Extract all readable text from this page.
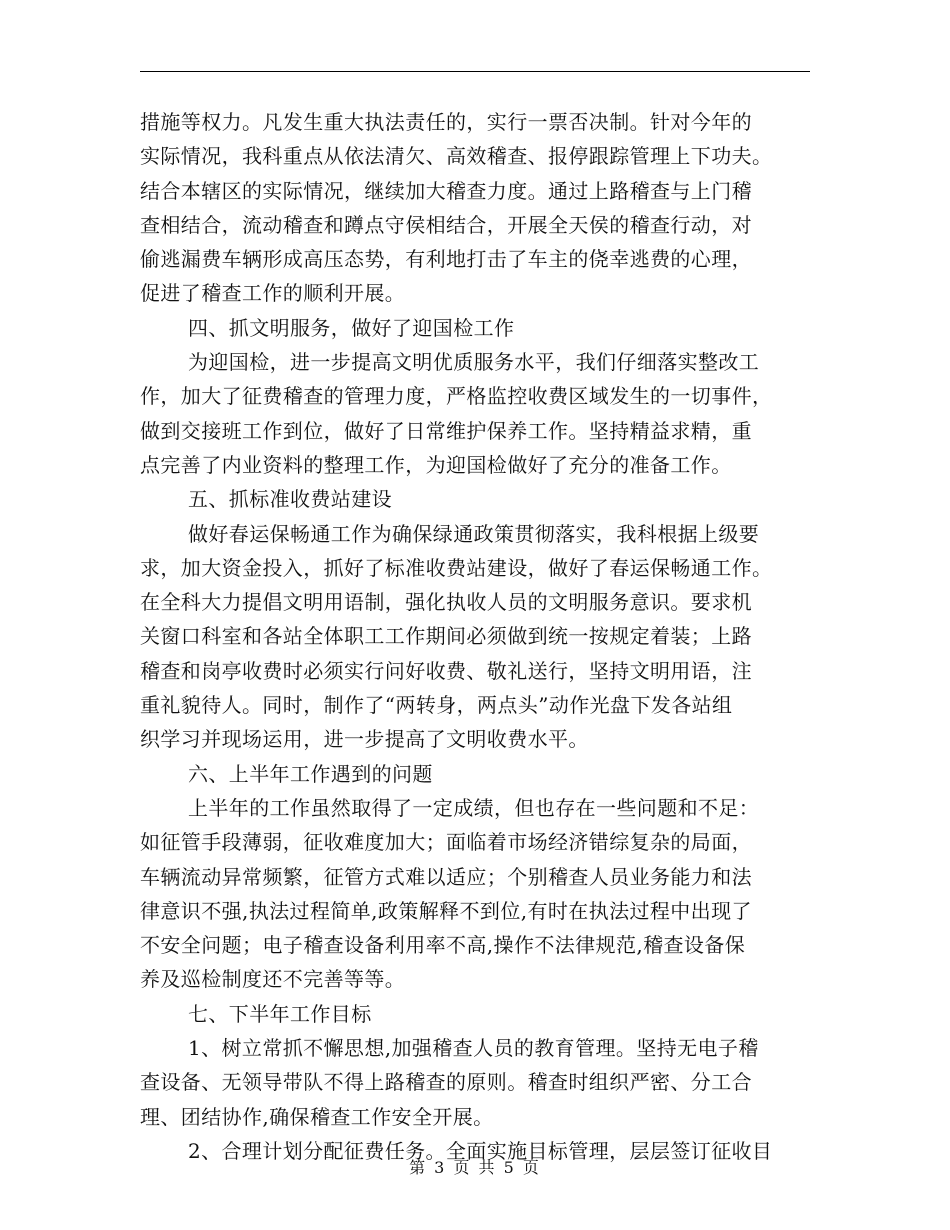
措施等权力。凡发生重大执法责任的，实行一票否决制。针对今年的
实际情况，我科重点从依法清欠、高效稽查、报停跟踪管理上下功夫。
结合本辖区的实际情况，继续加大稽查力度。通过上路稽查与上门稽
查相结合，流动稽查和蹲点守侯相结合，开展全天侯的稽查行动，对
偷逃漏费车辆形成高压态势，有利地打击了车主的侥幸逃费的心理，
促进了稽查工作的顺利开展。
四、抓文明服务，做好了迎国检工作
为迎国检，进一步提高文明优质服务水平，我们仔细落实整改工
作，加大了征费稽查的管理力度，严格监控收费区域发生的一切事件，
做到交接班工作到位，做好了日常维护保养工作。坚持精益求精，重
点完善了内业资料的整理工作，为迎国检做好了充分的准备工作。
五、抓标准收费站建设
做好春运保畅通工作为确保绿通政策贯彻落实，我科根据上级要
求，加大资金投入，抓好了标准收费站建设，做好了春运保畅通工作。
在全科大力提倡文明用语制，强化执收人员的文明服务意识。要求机
关窗口科室和各站全体职工工作期间必须做到统一按规定着装；上路
稽查和岗亭收费时必须实行问好收费、敬礼送行，坚持文明用语，注
重礼貌待人。同时，制作了“两转身，两点头”动作光盘下发各站组
织学习并现场运用，进一步提高了文明收费水平。
六、上半年工作遇到的问题
上半年的工作虽然取得了一定成绩，但也存在一些问题和不足：
如征管手段薄弱，征收难度加大；面临着市场经济错综复杂的局面，
车辆流动异常频繁，征管方式难以适应；个别稽查人员业务能力和法
律意识不强,执法过程简单,政策解释不到位,有时在执法过程中出现了
不安全问题；电子稽查设备利用率不高,操作不法律规范,稽查设备保
养及巡检制度还不完善等等。
七、下半年工作目标
1、树立常抓不懈思想,加强稽查人员的教育管理。坚持无电子稽
查设备、无领导带队不得上路稽查的原则。稽查时组织严密、分工合
理、团结协作,确保稽查工作安全开展。
2、合理计划分配征费任务。全面实施目标管理，层层签订征收目
第 3 页 共 5 页
